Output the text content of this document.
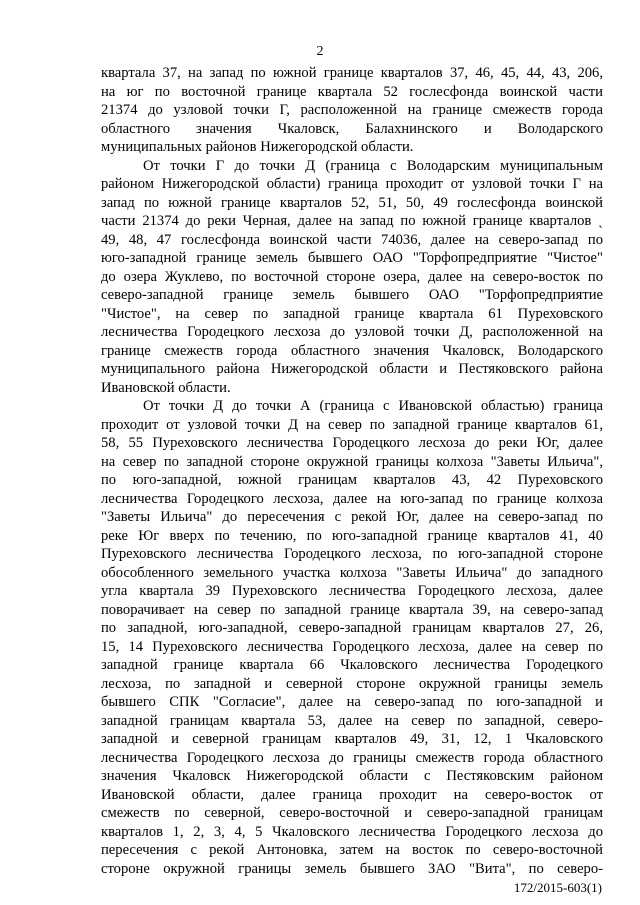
2
квартала 37, на запад по южной границе кварталов 37, 46, 45, 44, 43, 206,
на юг по восточной границе квартала 52 гослесфонда воинской части
21374 до узловой точки Г, расположенной на границе смежеств города
областного значения Чкаловск, Балахнинского и Володарского
муниципальных районов Нижегородской области.
От точки Г до точки Д (граница с Володарским муниципальным
районом Нижегородской области) граница проходит от узловой точки Г на
запад по южной границе кварталов 52, 51, 50, 49 гослесфонда воинской
части 21374 до реки Черная, далее на запад по южной границе кварталов ˎ
49, 48, 47 гослесфонда воинской части 74036, далее на северо-запад по
юго-западной границе земель бывшего ОАО "Торфопредприятие "Чистое"
до озера Жуклево, по восточной стороне озера, далее на северо-восток по
северо-западной границе земель бывшего ОАО "Торфопредприятие
"Чистое", на север по западной границе квартала 61 Пуреховского
лесничества Городецкого лесхоза до узловой точки Д, расположенной на
границе смежеств города областного значения Чкаловск, Володарского
муниципального района Нижегородской области и Пестяковского района
Ивановской области.
От точки Д до точки А (граница с Ивановской областью) граница
проходит от узловой точки Д на север по западной границе кварталов 61,
58, 55 Пуреховского лесничества Городецкого лесхоза до реки Юг, далее
на север по западной стороне окружной границы колхоза "Заветы Ильича",
по юго-западной, южной границам кварталов 43, 42 Пуреховского
лесничества Городецкого лесхоза, далее на юго-запад по границе колхоза
"Заветы Ильича" до пересечения с рекой Юг, далее на северо-запад по
реке Юг вверх по течению, по юго-западной границе кварталов 41, 40
Пуреховского лесничества Городецкого лесхоза, по юго-западной стороне
обособленного земельного участка колхоза "Заветы Ильича" до западного
угла квартала 39 Пуреховского лесничества Городецкого лесхоза, далее
поворачивает на север по западной границе квартала 39, на северо-запад
по западной, юго-западной, северо-западной границам кварталов 27, 26,
15, 14 Пуреховского лесничества Городецкого лесхоза, далее на север по
западной границе квартала 66 Чкаловского лесничества Городецкого
лесхоза, по западной и северной стороне окружной границы земель
бывшего СПК "Согласие", далее на северо-запад по юго-западной и
западной границам квартала 53, далее на север по западной, северо-
западной и северной границам кварталов 49, 31, 12, 1 Чкаловского
лесничества Городецкого лесхоза до границы смежеств города областного
значения Чкаловск Нижегородской области с Пестяковским районом
Ивановской области, далее граница проходит на северо-восток от
смежеств по северной, северо-восточной и северо-западной границам
кварталов 1, 2, 3, 4, 5 Чкаловского лесничества Городецкого лесхоза до
пересечения с рекой Антоновка, затем на восток по северо-восточной
стороне окружной границы земель бывшего ЗАО "Вита", по северо-
172/2015-603(1)
